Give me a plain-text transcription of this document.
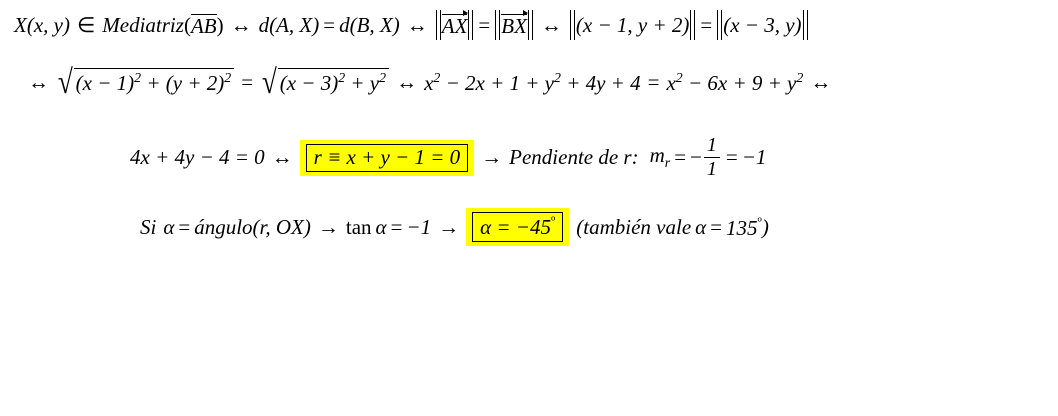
X(x, y) ∈ Mediatriz ( AB ) ↔ d(A, X) = d(B, X) ↔ AX = BX ↔ (x − 1, y + 2) = (x − 3, y)
↔ √ $(x - 1)^2 + (y + 2)^2$ = √ $(x - 3)^2 + y^2$ ↔ $x^2 - 2x + 1 + y^2 + 4y + 4 = x^2 - 6x + 9 + y^2$ ↔
4x + 4y − 4 = 0 ↔	r ≡ x + y − 1 = 0	→ Pendiente de r: $m_r$ = − $\frac{1}{1} = -1$
Si α = ángulo(r, OX) → tan α = −1 →	$\alpha = -45^º$	(también vale $\alpha = 135^º$ )
